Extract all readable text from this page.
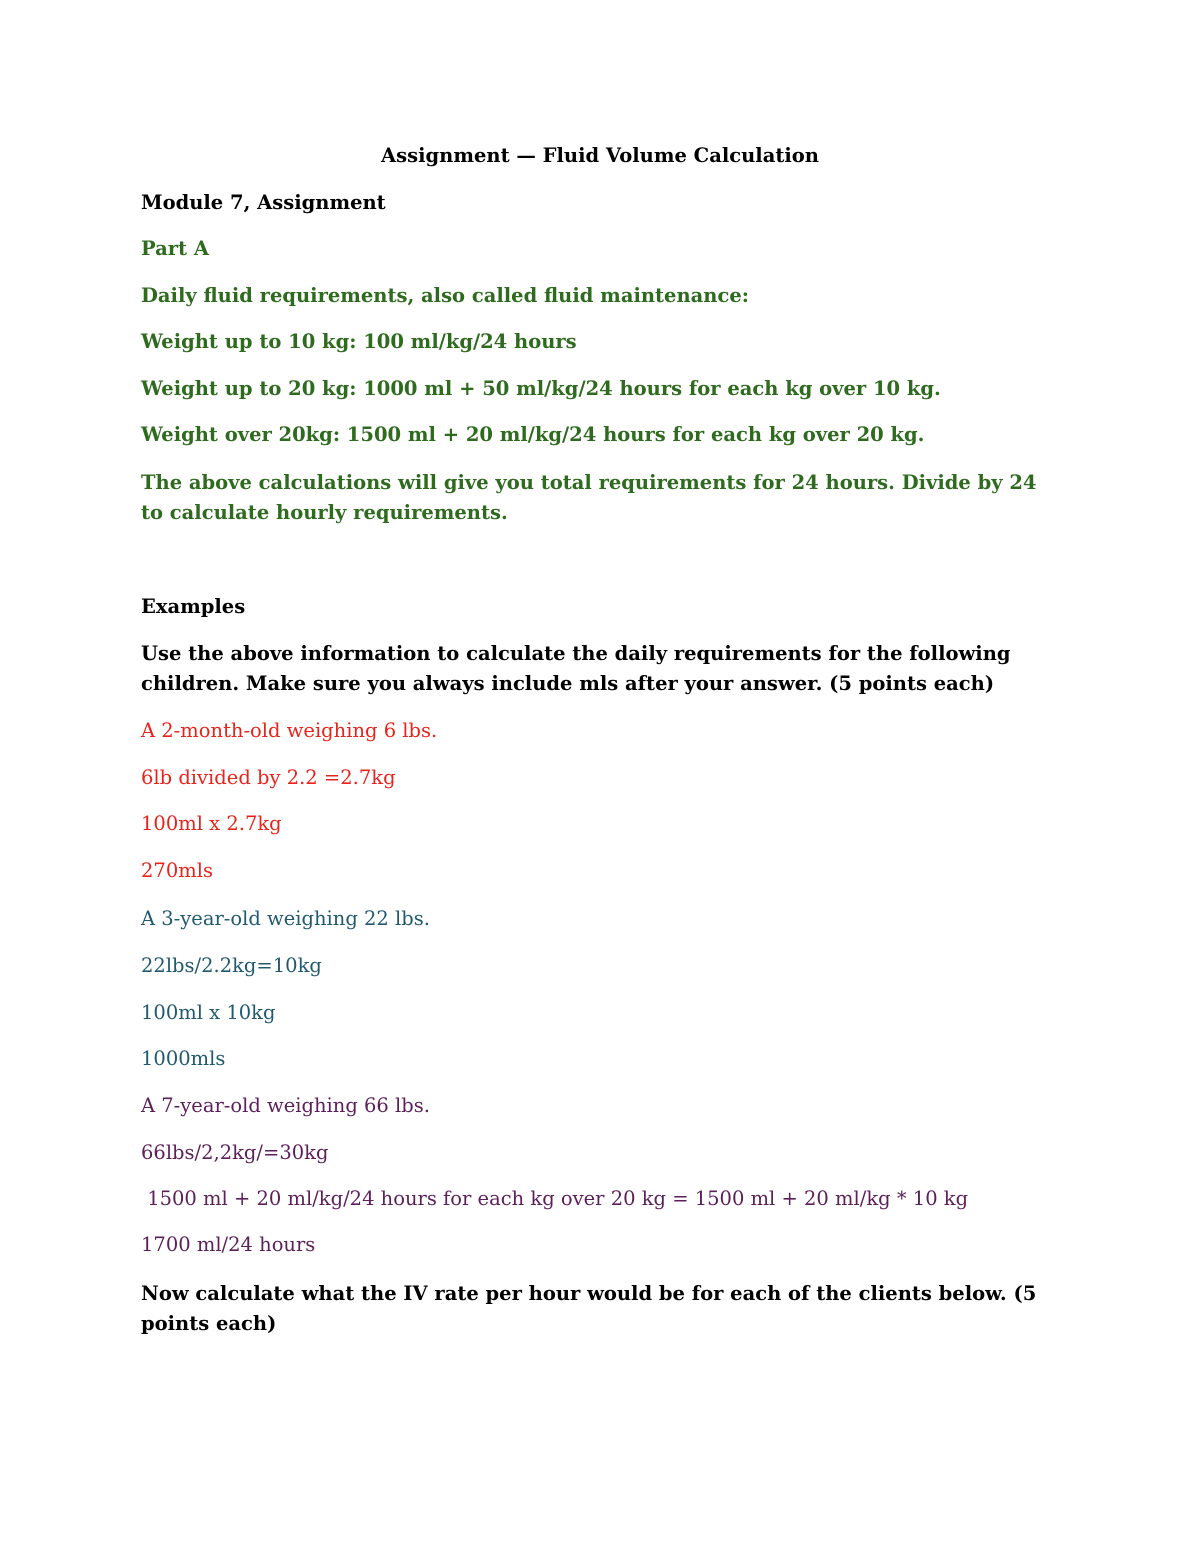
Assignment — Fluid Volume Calculation
Module 7, Assignment
Part A
Daily fluid requirements, also called fluid maintenance:
Weight up to 10 kg: 100 ml/kg/24 hours
Weight up to 20 kg: 1000 ml + 50 ml/kg/24 hours for each kg over 10 kg.
Weight over 20kg: 1500 ml + 20 ml/kg/24 hours for each kg over 20 kg.
The above calculations will give you total requirements for 24 hours. Divide by 24 to calculate hourly requirements.
Examples
Use the above information to calculate the daily requirements for the following children. Make sure you always include mls after your answer. (5 points each)
A 2-month-old weighing 6 lbs.
6lb divided by 2.2 =2.7kg
100ml x 2.7kg
270mls
A 3-year-old weighing 22 lbs.
22lbs/2.2kg=10kg
100ml x 10kg
1000mls
A 7-year-old weighing 66 lbs.
66lbs/2,2kg/=30kg
1500 ml + 20 ml/kg/24 hours for each kg over 20 kg = 1500 ml + 20 ml/kg * 10 kg
1700 ml/24 hours
Now calculate what the IV rate per hour would be for each of the clients below. (5 points each)
